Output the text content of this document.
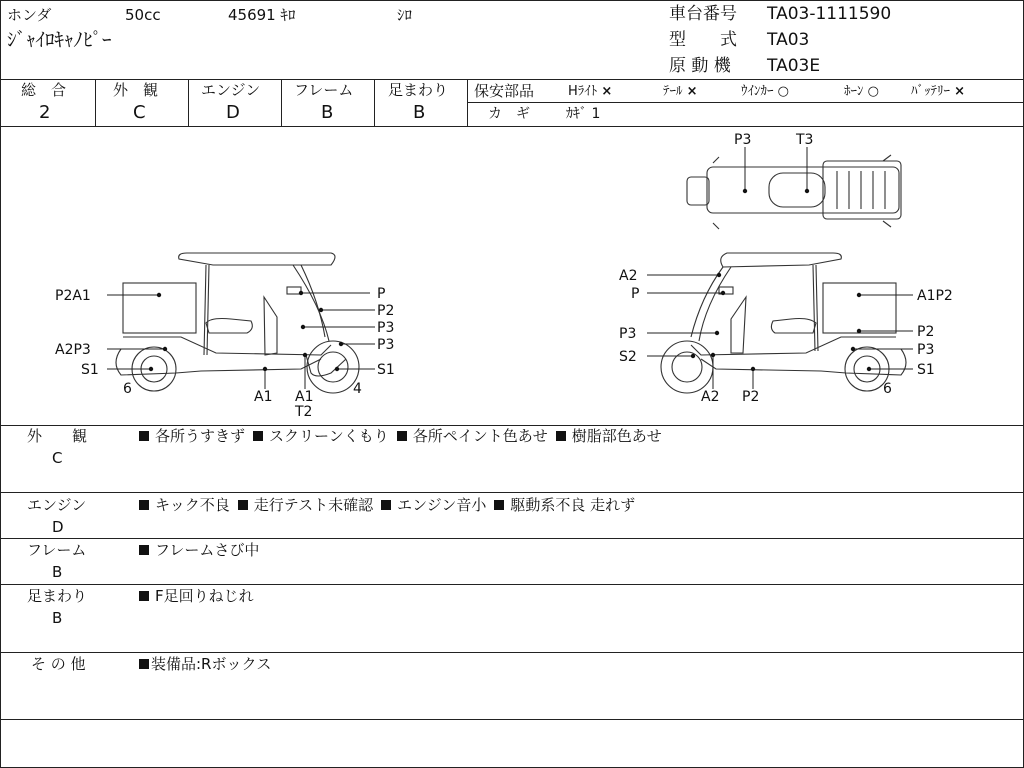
ホンダ	50cc	45691 ｷﾛ	ｼﾛ
ｼﾞｬｲﾛｷｬﾉﾋﾟｰ
車台番号 TA03-1111590
型　　式 TA03
原 動 機 TA03E
総　合
2
外　観
C
エンジン
D
フレーム
B
足まわり
B
保安部品	Hﾗｲﾄ ×	ﾃｰﾙ ×	ｳｲﾝｶｰ ○	ﾎｰﾝ ○ ﾊﾞｯﾃﾘｰ ×
カ　ギ	ｶｷﾞ 1
P2A1	P
P2
P3
P3
A2P3
S1	S1
6	4
A1 A1
T2
A2
P	A1P2
P2
P3
P3
S2
S1
6
A2 P2
P3	T3
外　　観
C
各所うすきず スクリーンくもり 各所ペイント色あせ 樹脂部色あせ
エンジン
D
キック不良 走行テスト未確認 エンジン音小 駆動系不良 走れず
フレーム
B
フレームさび中
足まわり
B
F足回りねじれ
そ の 他	装備品:Rボックス
